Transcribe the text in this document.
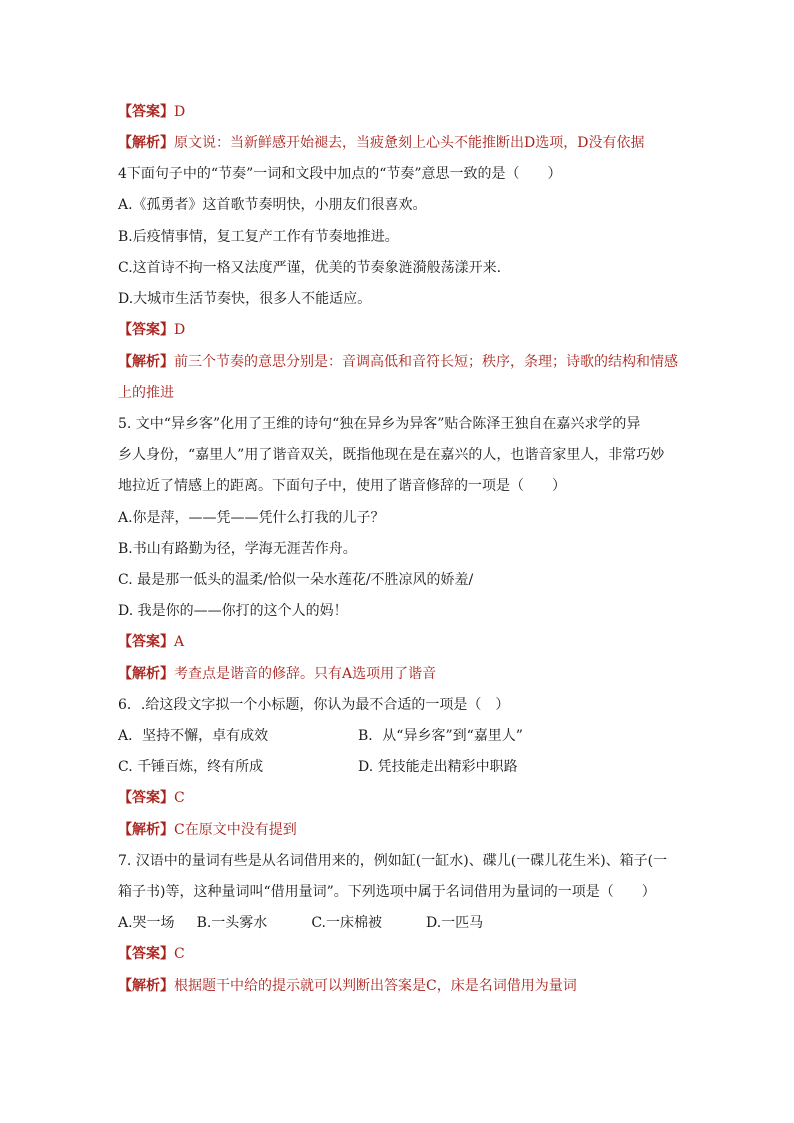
【答案】D
【解析】原文说：当新鲜感开始褪去，当疲惫刻上心头不能推断出D选项，D没有依据
4下面句子中的“节奏”一词和文段中加点的“节奏”意思一致的是（　　）
A.《孤勇者》这首歌节奏明快，小朋友们很喜欢。
B.后疫情事情，复工复产工作有节奏地推进。
C.这首诗不拘一格又法度严谨，优美的节奏象涟漪般荡漾开来.
D.大城市生活节奏快，很多人不能适应。
【答案】D
【解析】前三个节奏的意思分别是：音调高低和音符长短；秩序，条理；诗歌的结构和情感
上的推进
5. 文中“异乡客”化用了王维的诗句“独在异乡为异客”贴合陈泽王独自在嘉兴求学的异
乡人身份，“嘉里人”用了谐音双关，既指他现在是在嘉兴的人，也谐音家里人，非常巧妙
地拉近了情感上的距离。下面句子中，使用了谐音修辞的一项是（　　）
A.你是萍，——凭——凭什么打我的儿子？
B.书山有路勤为径，学海无涯苦作舟。
C. 最是那一低头的温柔/恰似一朵水莲花/不胜凉风的娇羞/
D. 我是你的——你打的这个人的妈！
【答案】A
【解析】考查点是谐音的修辞。只有A选项用了谐音
6．.给这段文字拟一个小标题，你认为最不合适的一项是（　）
A．坚持不懈，卓有成效	B．从“异乡客”到“嘉里人”
C. 千锤百炼，终有所成	D. 凭技能走出精彩中职路
【答案】C
【解析】C在原文中没有提到
7. 汉语中的量词有些是从名词借用来的，例如缸(一缸水)、碟儿(一碟儿花生米)、箱子(一
箱子书)等，这种量词叫“借用量词”。下列选项中属于名词借用为量词的一项是（　　）
A.哭一场 B.一头雾水	C.一床棉被	D.一匹马
【答案】C
【解析】根据题干中给的提示就可以判断出答案是C，床是名词借用为量词
